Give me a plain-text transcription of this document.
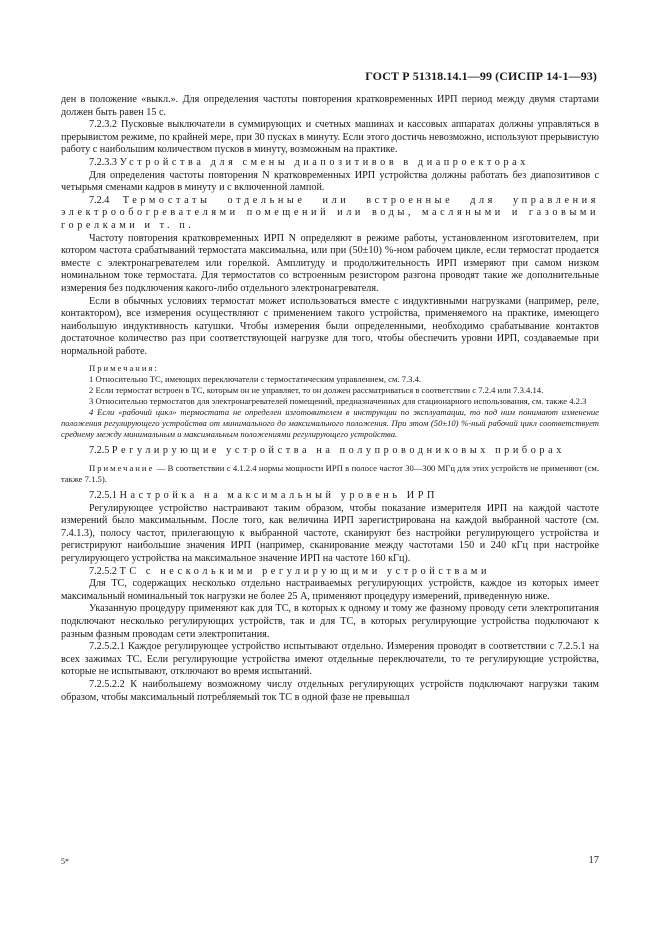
ГОСТ Р 51318.14.1—99 (СИСПР 14-1—93)

ден в положение «выкл.». Для определения частоты повторения кратковременных ИРП период между двумя стартами должен быть равен 15 с.

7.2.3.2 Пусковые выключатели в суммирующих и счетных машинах и кассовых аппаратах должны управляться в прерывистом режиме, по крайней мере, при 30 пусках в минуту. Если этого достичь невозможно, используют прерывистую работу с наибольшим количеством пусков в минуту, возможным на практике.

7.2.3.3 Устройства для смены диапозитивов в диапроекторах

Для определения частоты повторения N кратковременных ИРП устройства должны работать без диапозитивов с четырьмя сменами кадров в минуту и с включенной лампой.

7.2.4 Термостаты отдельные или встроенные для управления электрообогревателями помещений или воды, масляными и газовыми горелками и т. п.

Частоту повторения кратковременных ИРП N определяют в режиме работы, установленном изготовителем, при котором частота срабатываний термостата максимальна, или при (50±10) %-ном рабочем цикле, если термостат продается вместе с электронагревателем или горелкой. Амплитуду и продолжительность ИРП измеряют при самом низком номинальном токе термостата. Для термостатов со встроенным резистором разгона проводят такие же дополнительные измерения без подключения какого-либо отдельного электронагревателя.

Если в обычных условиях термостат может использоваться вместе с индуктивными нагрузками (например, реле, контактором), все измерения осуществляют с применением такого устройства, применяемого на практике, имеющего наибольшую индуктивность катушки. Чтобы измерения были определенными, необходимо срабатывание контактов достаточное количество раз при соответствующей нагрузке для того, чтобы обеспечить уровни ИРП, создаваемые при нормальной работе.

Примечания:

1 Относительно ТС, имеющих переключатели с термостатическим управлением, см. 7.3.4.

2 Если термостат встроен в ТС, которым он не управляет, то он должен рассматриваться в соответствии с 7.2.4 или 7.3.4.14.

3 Относительно термостатов для электронагревателей помещений, предназначенных для стационарного использования, см. также 4.2.3

4 Если «рабочий цикл» термостата не определен изготовителем в инструкции по эксплуатации, то под ним понимают изменение положения регулирующего устройства от минимального до максимального положения. При этом (50±10) %-ный рабочий цикл соответствует среднему между минимальным и максимальным положениями регулирующего устройства.

7.2.5 Регулирующие устройства на полупроводниковых приборах

Примечание — В соответствии с 4.1.2.4 нормы мощности ИРП в полосе частот 30—300 МГц для этих устройств не применяют (см. также 7.1.5).

7.2.5.1 Настройка на максимальный уровень ИРП

Регулирующее устройство настраивают таким образом, чтобы показание измерителя ИРП на каждой частоте измерений было максимальным. После того, как величина ИРП зарегистрирована на каждой выбранной частоте (см. 7.4.1.3), полосу частот, прилегающую к выбранной частоте, сканируют без настройки регулирующего устройства и регистрируют наибольшие значения ИРП (например, сканирование между частотами 150 и 240 кГц при настройке регулирующего устройства на максимальное значение ИРП на частоте 160 кГц).

7.2.5.2 ТС с несколькими регулирующими устройствами

Для ТС, содержащих несколько отдельно настраиваемых регулирующих устройств, каждое из которых имеет максимальный номинальный ток нагрузки не более 25 А, применяют процедуру измерений, приведенную ниже.

Указанную процедуру применяют как для ТС, в которых к одному и тому же фазному проводу сети электропитания подключают несколько регулирующих устройств, так и для ТС, в которых регулирующие устройства подключают к разным фазным проводам сети электропитания.

7.2.5.2.1 Каждое регулирующее устройство испытывают отдельно. Измерения проводят в соответствии с 7.2.5.1 на всех зажимах ТС. Если регулирующие устройства имеют отдельные переключатели, то те регулирующие устройства, которые не испытывают, отключают во время испытаний.

7.2.5.2.2 К наибольшему возможному числу отдельных регулирующих устройств подключают нагрузки таким образом, чтобы максимальный потребляемый ток ТС в одной фазе не превышал

5*	17
